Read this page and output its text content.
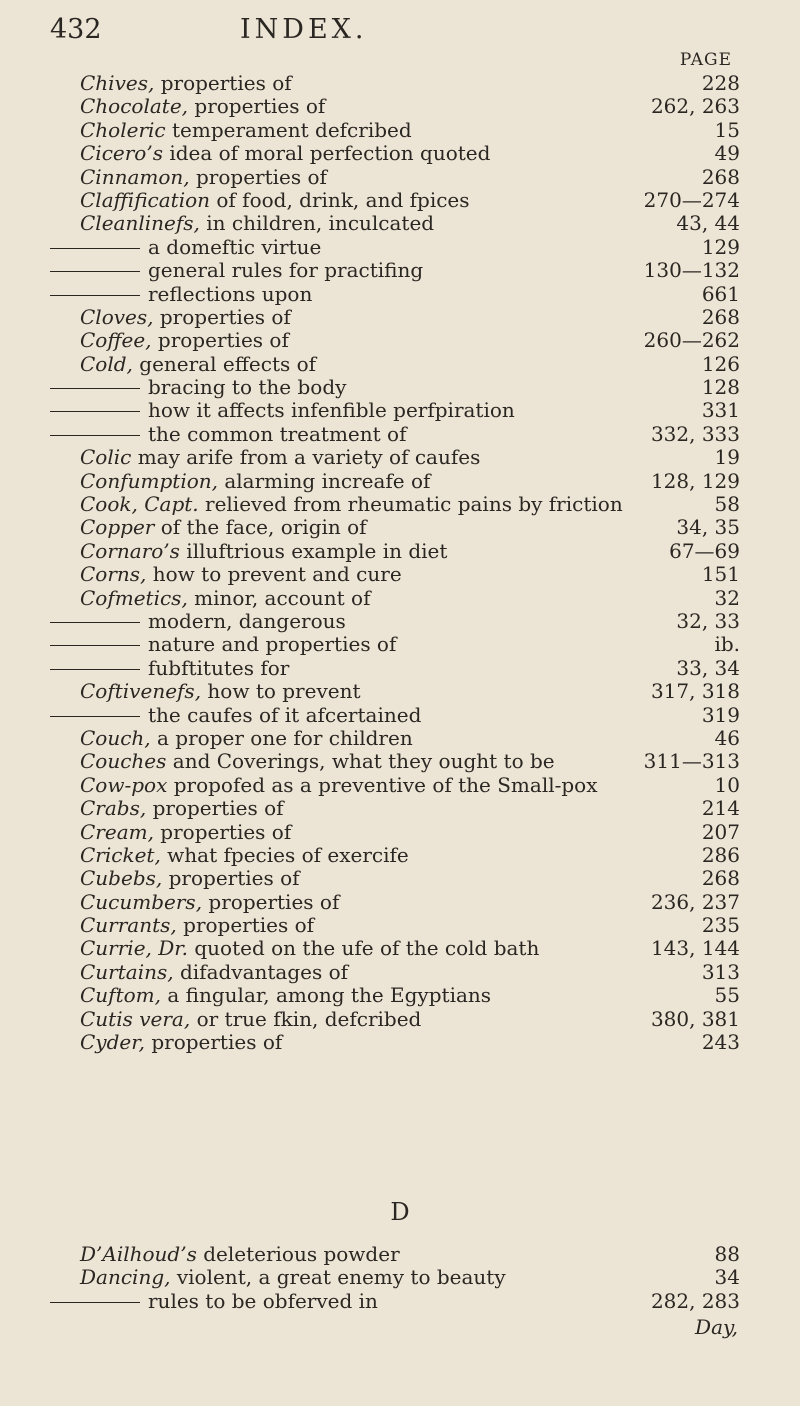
432	INDEX.
PAGE
Chives, properties of	228
Chocolate, properties of	262, 263
Choleric temperament defcribed	15
Cicero’s idea of moral perfection quoted	49
Cinnamon, properties of	268
Claffification of food, drink, and fpices	270—274
Cleanlinefs, in children, inculcated	43, 44
a domeftic virtue	129
general rules for practifing	130—132
reflections upon	661
Cloves, properties of	268
Coffee, properties of	260—262
Cold, general effects of	126
bracing to the body	128
how it affects infenfible perfpiration	331
the common treatment of	332, 333
Colic may arife from a variety of caufes	19
Confumption, alarming increafe of	128, 129
Cook, Capt. relieved from rheumatic pains by friction	58
Copper of the face, origin of	34, 35
Cornaro’s illuftrious example in diet	67—69
Corns, how to prevent and cure	151
Cofmetics, minor, account of	32
modern, dangerous	32, 33
nature and properties of	ib.
fubftitutes for	33, 34
Coftivenefs, how to prevent	317, 318
the caufes of it afcertained	319
Couch, a proper one for children	46
Couches and Coverings, what they ought to be	311—313
Cow-pox propofed as a preventive of the Small-pox	10
Crabs, properties of	214
Cream, properties of	207
Cricket, what fpecies of exercife	286
Cubebs, properties of	268
Cucumbers, properties of	236, 237
Currants, properties of	235
Currie, Dr. quoted on the ufe of the cold bath	143, 144
Curtains, difadvantages of	313
Cuftom, a fingular, among the Egyptians	55
Cutis vera, or true fkin, defcribed	380, 381
Cyder, properties of	243
D
D’Ailhoud’s deleterious powder	88
Dancing, violent, a great enemy to beauty	34
rules to be obferved in	282, 283
Day,
